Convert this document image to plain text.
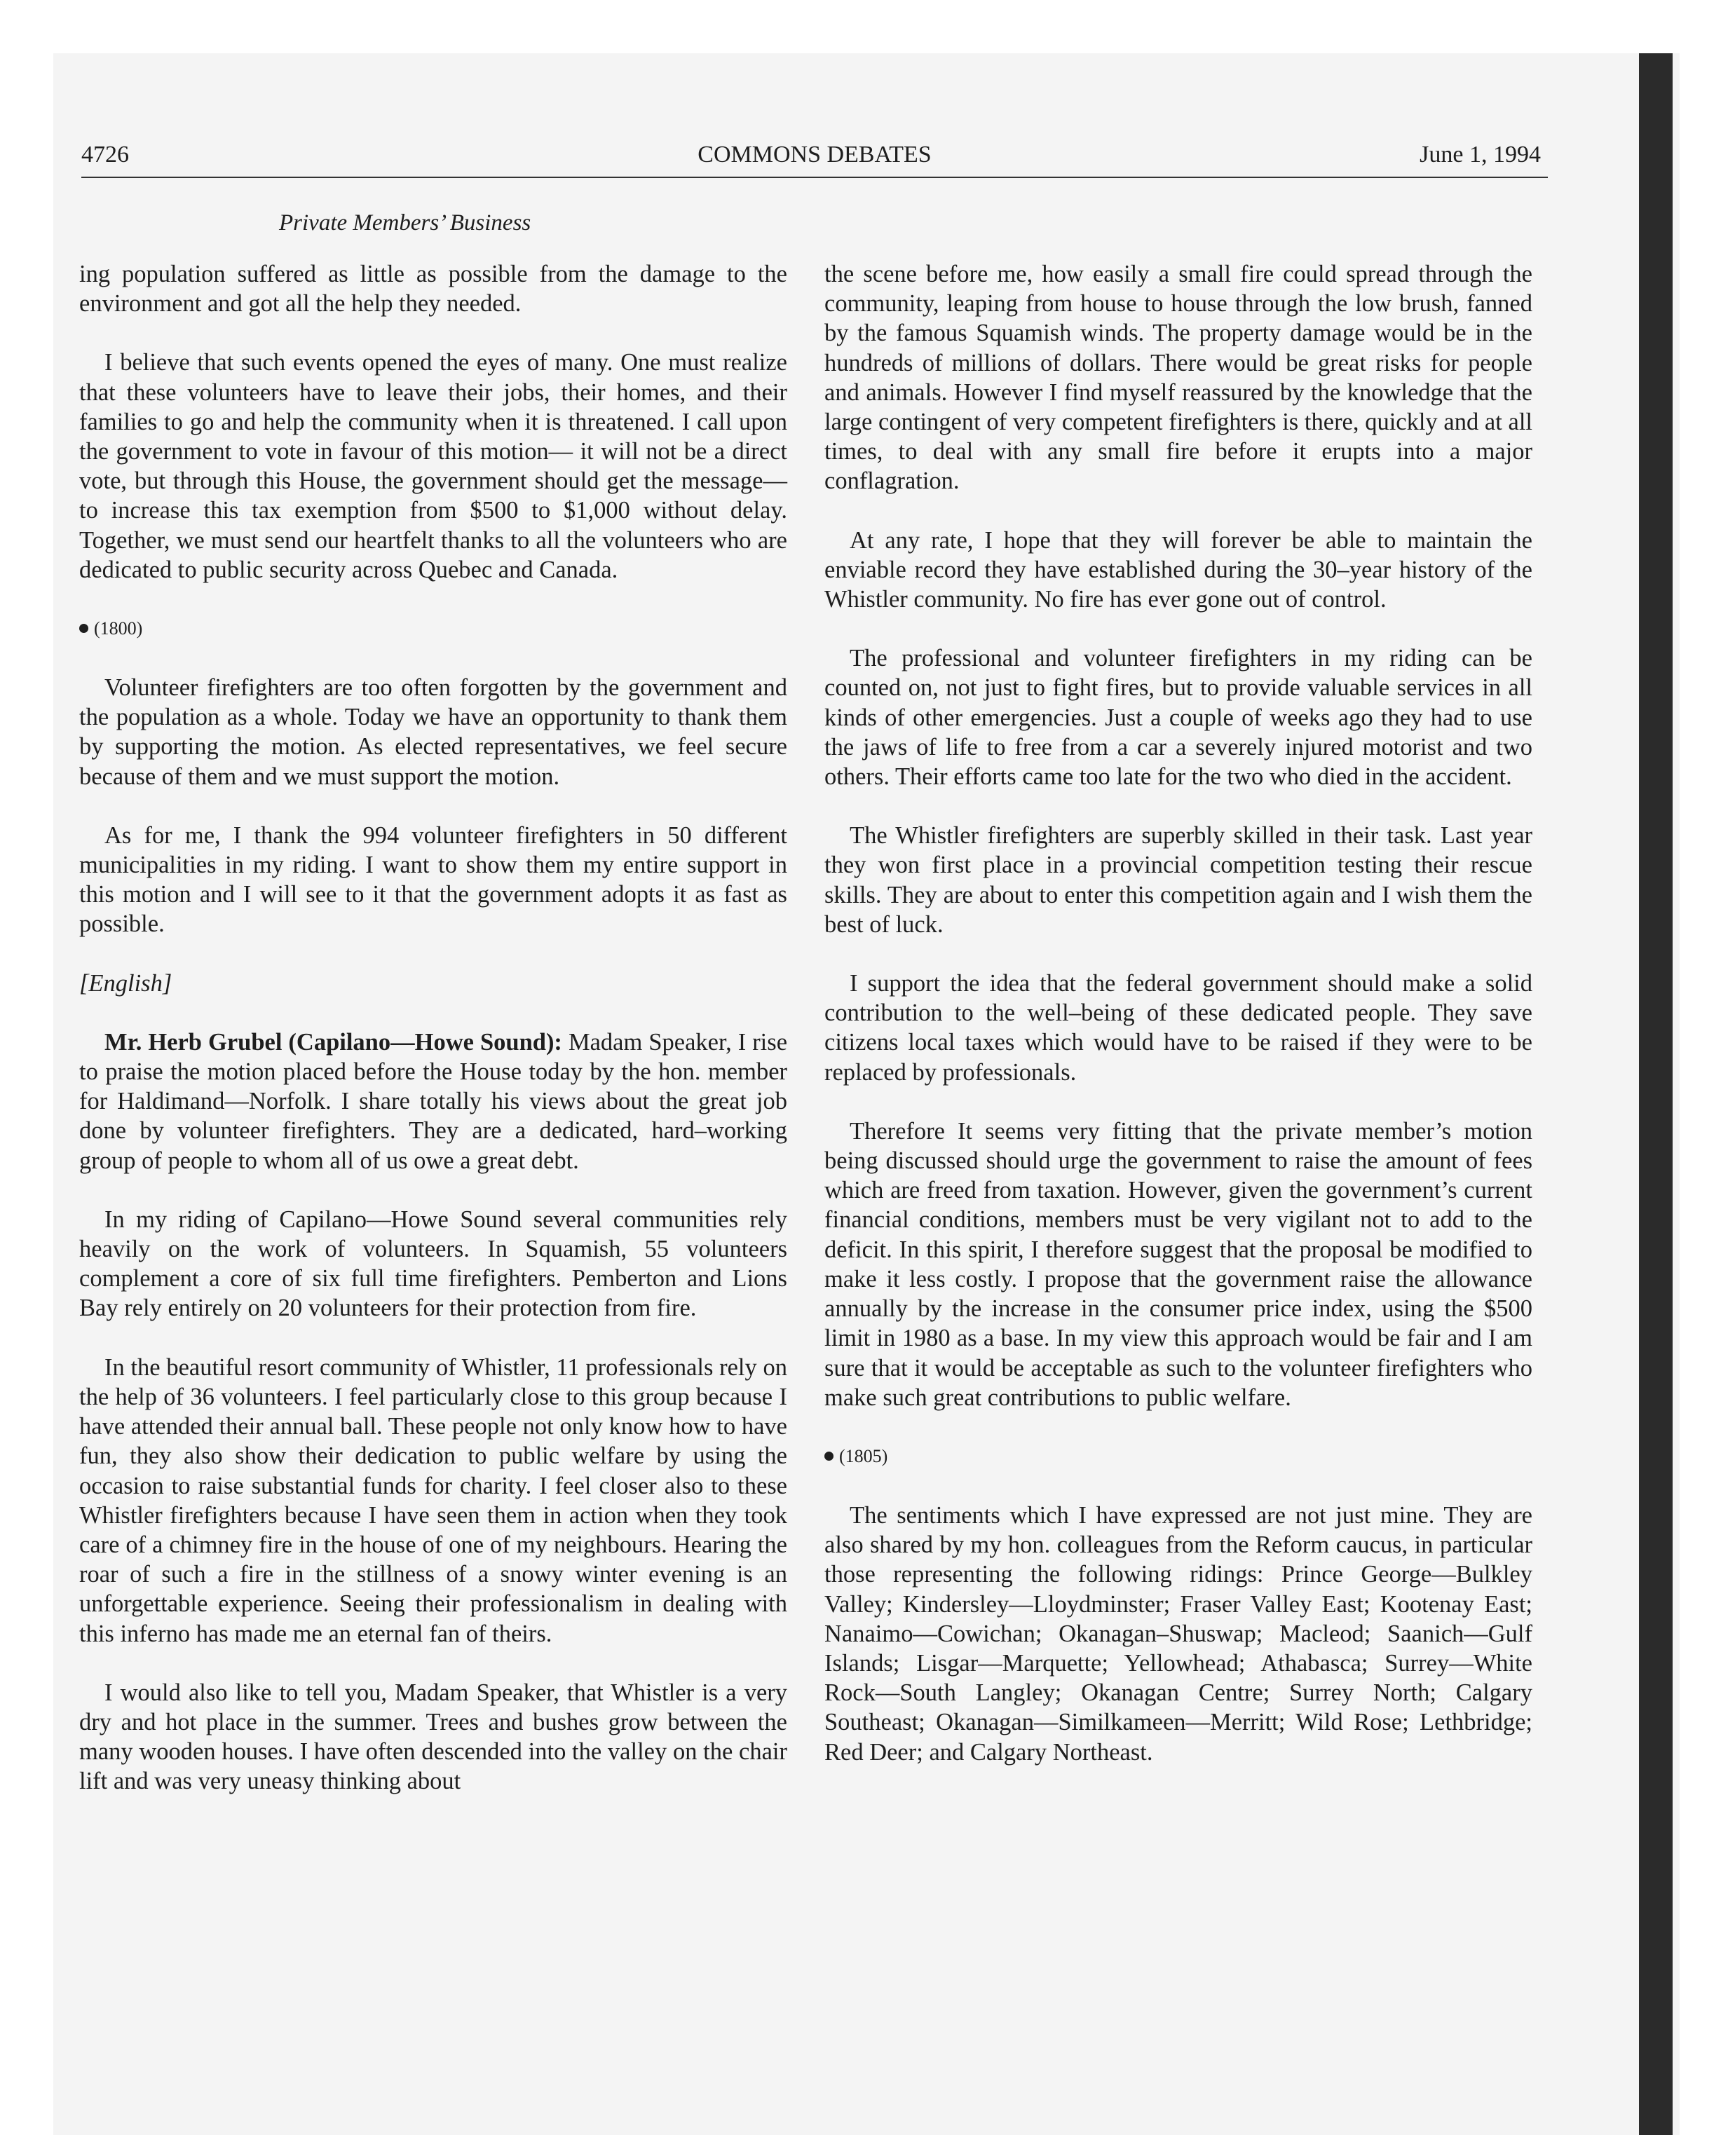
4726	COMMONS DEBATES	June 1, 1994
Private Members’ Business

ing population suffered as little as possible from the damage to the environment and got all the help they needed.

I believe that such events opened the eyes of many. One must realize that these volunteers have to leave their jobs, their homes, and their families to go and help the community when it is threatened. I call upon the government to vote in favour of this motion— it will not be a direct vote, but through this House, the government should get the message—to increase this tax exemption from $500 to $1,000 without delay. Together, we must send our heartfelt thanks to all the volunteers who are dedicated to public security across Quebec and Canada.

(1800)

Volunteer firefighters are too often forgotten by the government and the population as a whole. Today we have an opportunity to thank them by supporting the motion. As elected representatives, we feel secure because of them and we must support the motion.

As for me, I thank the 994 volunteer firefighters in 50 different municipalities in my riding. I want to show them my entire support in this motion and I will see to it that the government adopts it as fast as possible.

[English]

Mr. Herb Grubel (Capilano—Howe Sound): Madam Speaker, I rise to praise the motion placed before the House today by the hon. member for Haldimand—Norfolk. I share totally his views about the great job done by volunteer firefighters. They are a dedicated, hard–working group of people to whom all of us owe a great debt.

In my riding of Capilano—Howe Sound several communities rely heavily on the work of volunteers. In Squamish, 55 volunteers complement a core of six full time firefighters. Pemberton and Lions Bay rely entirely on 20 volunteers for their protection from fire.

In the beautiful resort community of Whistler, 11 professionals rely on the help of 36 volunteers. I feel particularly close to this group because I have attended their annual ball. These people not only know how to have fun, they also show their dedication to public welfare by using the occasion to raise substantial funds for charity. I feel closer also to these Whistler firefighters because I have seen them in action when they took care of a chimney fire in the house of one of my neighbours. Hearing the roar of such a fire in the stillness of a snowy winter evening is an unforgettable experience. Seeing their professionalism in dealing with this inferno has made me an eternal fan of theirs.

I would also like to tell you, Madam Speaker, that Whistler is a very dry and hot place in the summer. Trees and bushes grow between the many wooden houses. I have often descended into the valley on the chair lift and was very uneasy thinking about

the scene before me, how easily a small fire could spread through the community, leaping from house to house through the low brush, fanned by the famous Squamish winds. The property damage would be in the hundreds of millions of dollars. There would be great risks for people and animals. However I find myself reassured by the knowledge that the large contingent of very competent firefighters is there, quickly and at all times, to deal with any small fire before it erupts into a major conflagration.

At any rate, I hope that they will forever be able to maintain the enviable record they have established during the 30–year history of the Whistler community. No fire has ever gone out of control.

The professional and volunteer firefighters in my riding can be counted on, not just to fight fires, but to provide valuable services in all kinds of other emergencies. Just a couple of weeks ago they had to use the jaws of life to free from a car a severely injured motorist and two others. Their efforts came too late for the two who died in the accident.

The Whistler firefighters are superbly skilled in their task. Last year they won first place in a provincial competition testing their rescue skills. They are about to enter this competition again and I wish them the best of luck.

I support the idea that the federal government should make a solid contribution to the well–being of these dedicated people. They save citizens local taxes which would have to be raised if they were to be replaced by professionals.

Therefore It seems very fitting that the private member’s motion being discussed should urge the government to raise the amount of fees which are freed from taxation. However, given the government’s current financial conditions, members must be very vigilant not to add to the deficit. In this spirit, I therefore suggest that the proposal be modified to make it less costly. I propose that the government raise the allowance annually by the increase in the consumer price index, using the $500 limit in 1980 as a base. In my view this approach would be fair and I am sure that it would be acceptable as such to the volunteer firefighters who make such great contributions to public welfare.

(1805)

The sentiments which I have expressed are not just mine. They are also shared by my hon. colleagues from the Reform caucus, in particular those representing the following ridings: Prince George—Bulkley Valley; Kindersley—Lloydminster; Fraser Valley East; Kootenay East; Nanaimo—Cowichan; Okanagan–Shuswap; Macleod; Saanich—Gulf Islands; Lisgar—Marquette; Yellowhead; Athabasca; Surrey—White Rock—South Langley; Okanagan Centre; Surrey North; Calgary Southeast; Okanagan—Similkameen—Merritt; Wild Rose; Lethbridge; Red Deer; and Calgary Northeast.
